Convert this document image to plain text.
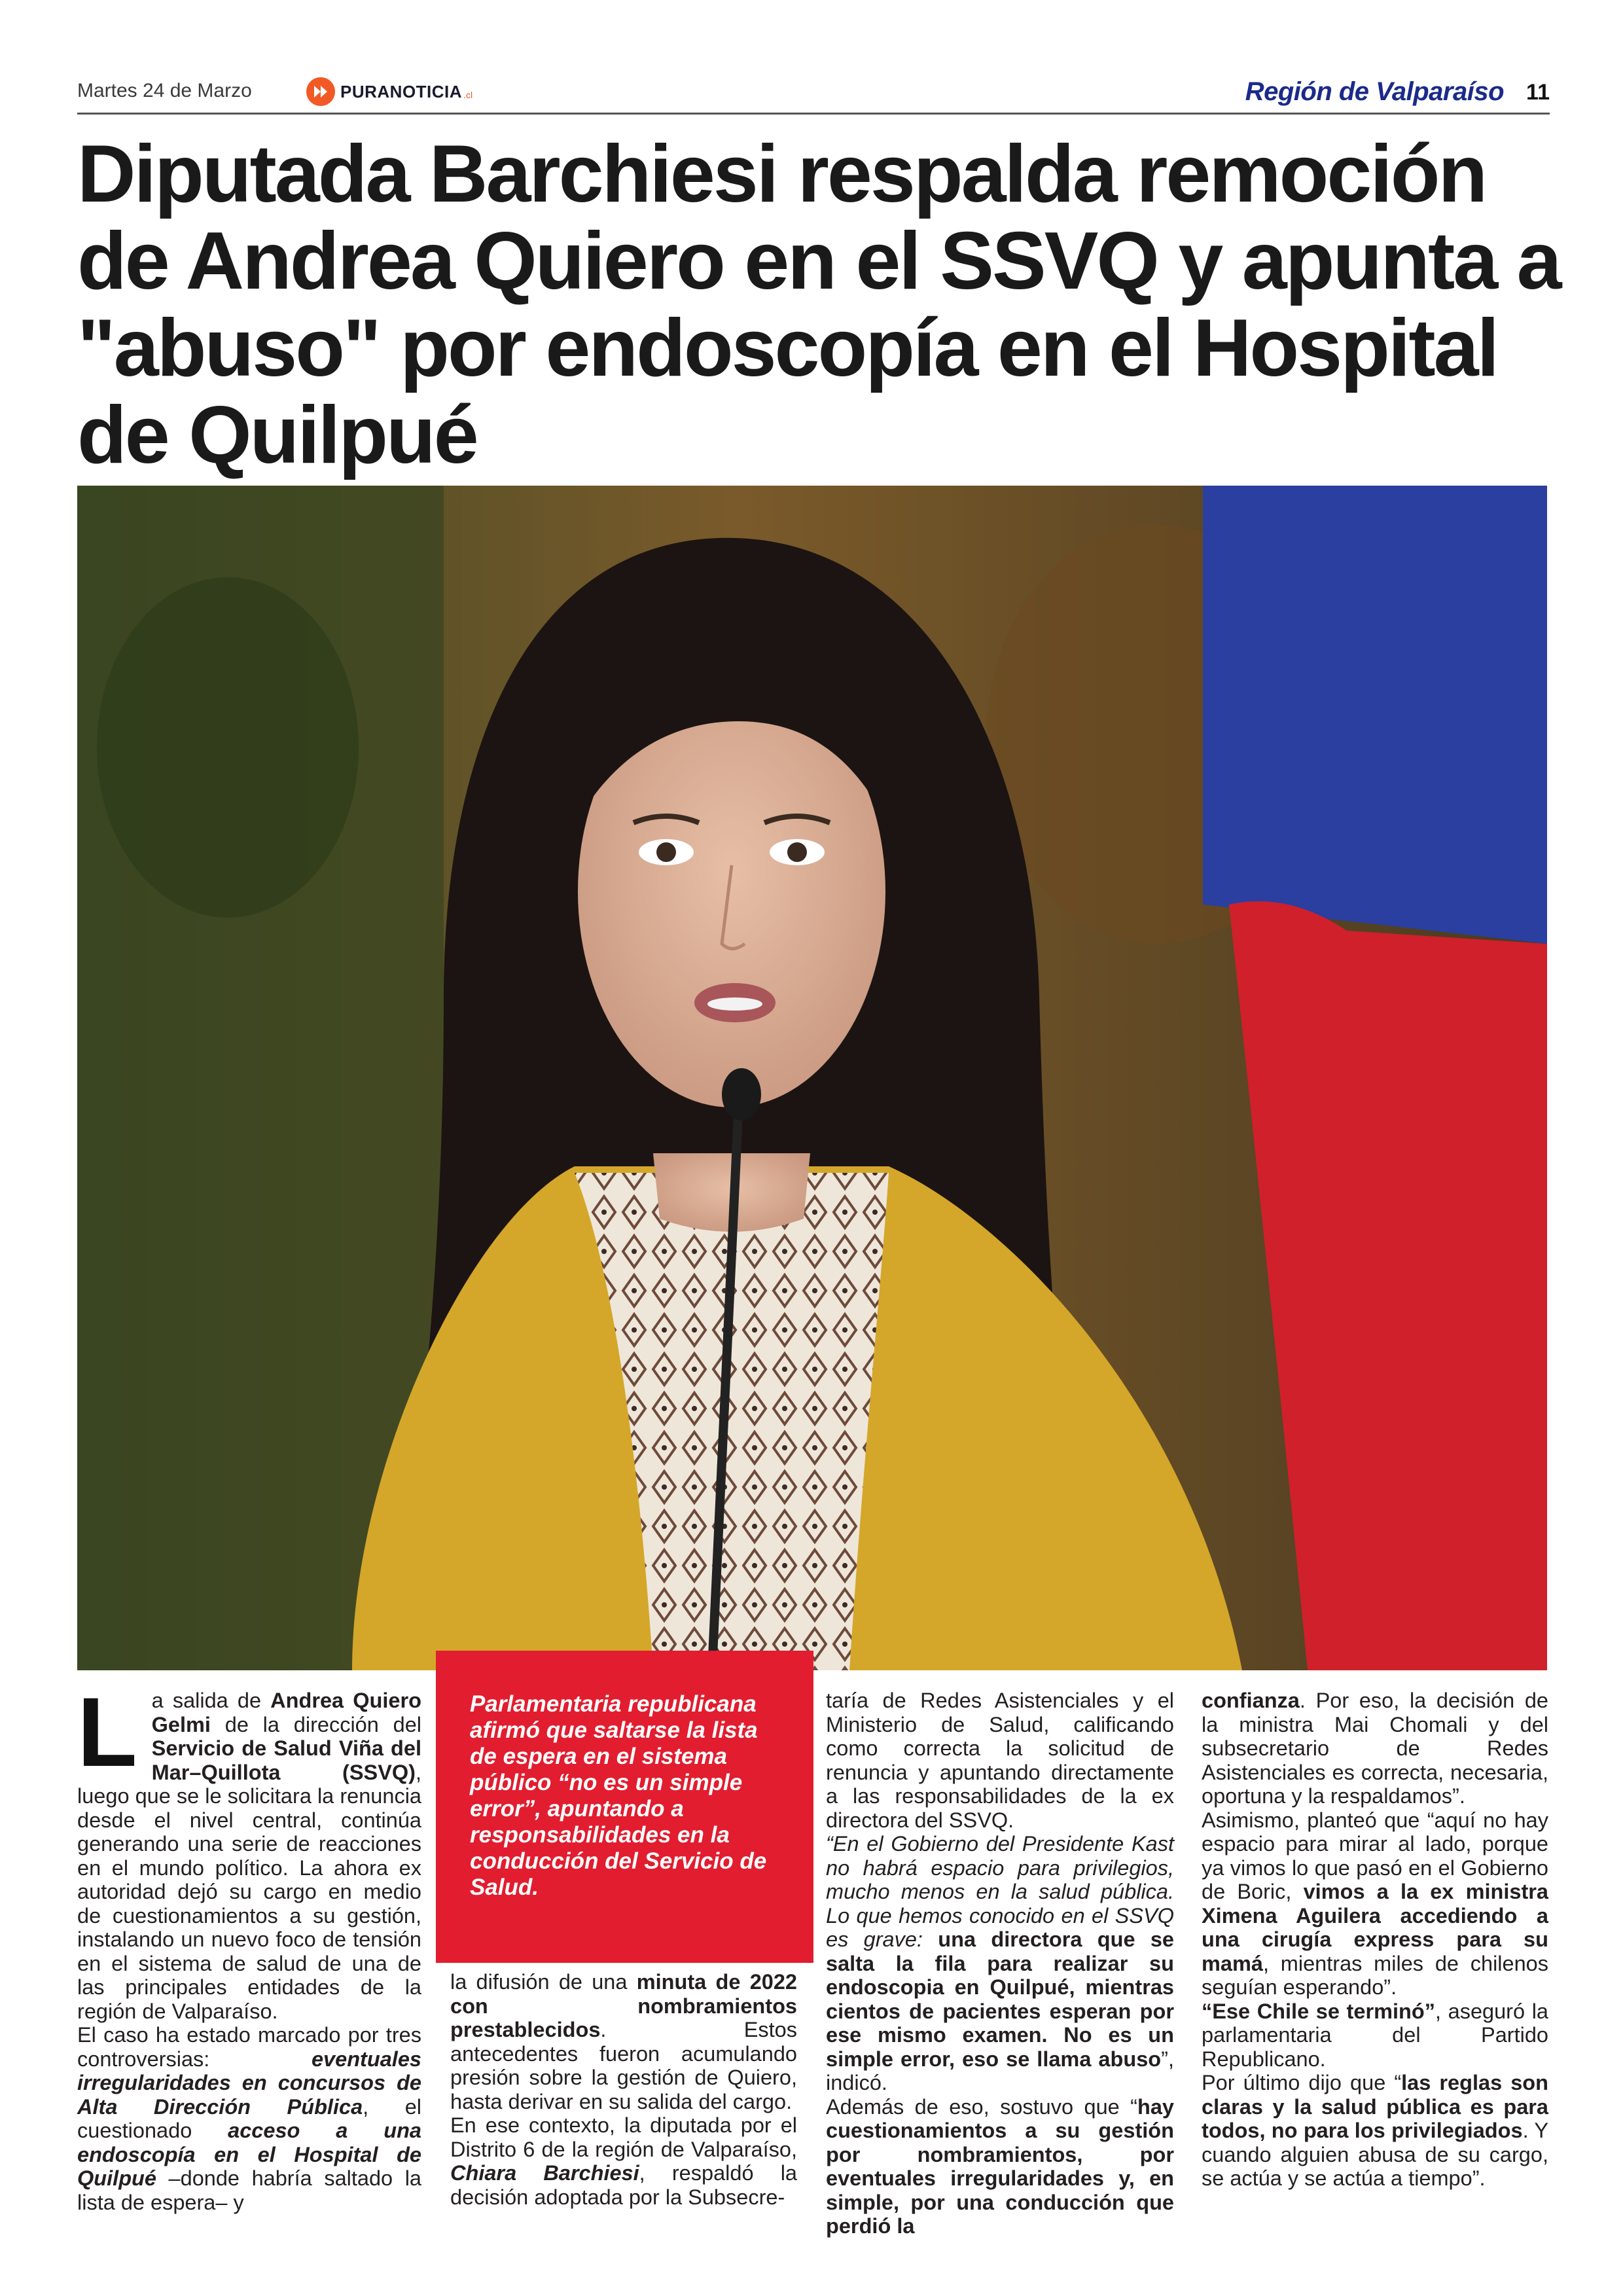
Martes 24 de Marzo	PURANOTICIA .cl	Región de Valparaíso 11
Diputada Barchiesi respalda remoción de Andrea Quiero en el SSVQ y apunta a "abuso" por endoscopía en el Hospital de Quilpué
Parlamentaria republicana afirmó que saltarse la lista de espera en el sistema público “no es un simple error”, apuntando a responsabilidades en la conducción del Servicio de Salud.

La salida de Andrea Quiero Gelmi de la dirección del Servicio de Salud Viña del Mar–Quillota (SSVQ), luego que se le solicitara la renuncia desde el nivel central, continúa generando una serie de reacciones en el mundo político. La ahora ex autoridad dejó su cargo en medio de cuestionamientos a su gestión, instalando un nuevo foco de tensión en el sistema de salud de una de las principales entidades de la región de Valparaíso.

El caso ha estado marcado por tres controversias: eventuales irregularidades en concursos de Alta Dirección Pública, el cuestionado acceso a una endoscopía en el Hospital de Quilpué –donde habría saltado la lista de espera– y

la difusión de una minuta de 2022 con nombramientos prestablecidos. Estos antecedentes fueron acumulando presión sobre la gestión de Quiero, hasta derivar en su salida del cargo.

En ese contexto, la diputada por el Distrito 6 de la región de Valparaíso, Chiara Barchiesi, respaldó la decisión adoptada por la Subsecre-

taría de Redes Asistenciales y el Ministerio de Salud, calificando como correcta la solicitud de renuncia y apuntando directamente a las responsabilidades de la ex directora del SSVQ.

“En el Gobierno del Presidente Kast no habrá espacio para privilegios, mucho menos en la salud pública. Lo que hemos conocido en el SSVQ es grave: una directora que se salta la fila para realizar su endoscopia en Quilpué, mientras cientos de pacientes esperan por ese mismo examen. No es un simple error, eso se llama abuso”, indicó.

Además de eso, sostuvo que “hay cuestionamientos a su gestión por nombramientos, por eventuales irregularidades y, en simple, por una conducción que perdió la

confianza. Por eso, la decisión de la ministra Mai Chomali y del subsecretario de Redes Asistenciales es correcta, necesaria, oportuna y la respaldamos”.

Asimismo, planteó que “aquí no hay espacio para mirar al lado, porque ya vimos lo que pasó en el Gobierno de Boric, vimos a la ex ministra Ximena Aguilera accediendo a una cirugía express para su mamá, mientras miles de chilenos seguían esperando”.

“Ese Chile se terminó”, aseguró la parlamentaria del Partido Republicano.

Por último dijo que “las reglas son claras y la salud pública es para todos, no para los privilegiados. Y cuando alguien abusa de su cargo, se actúa y se actúa a tiempo”.
